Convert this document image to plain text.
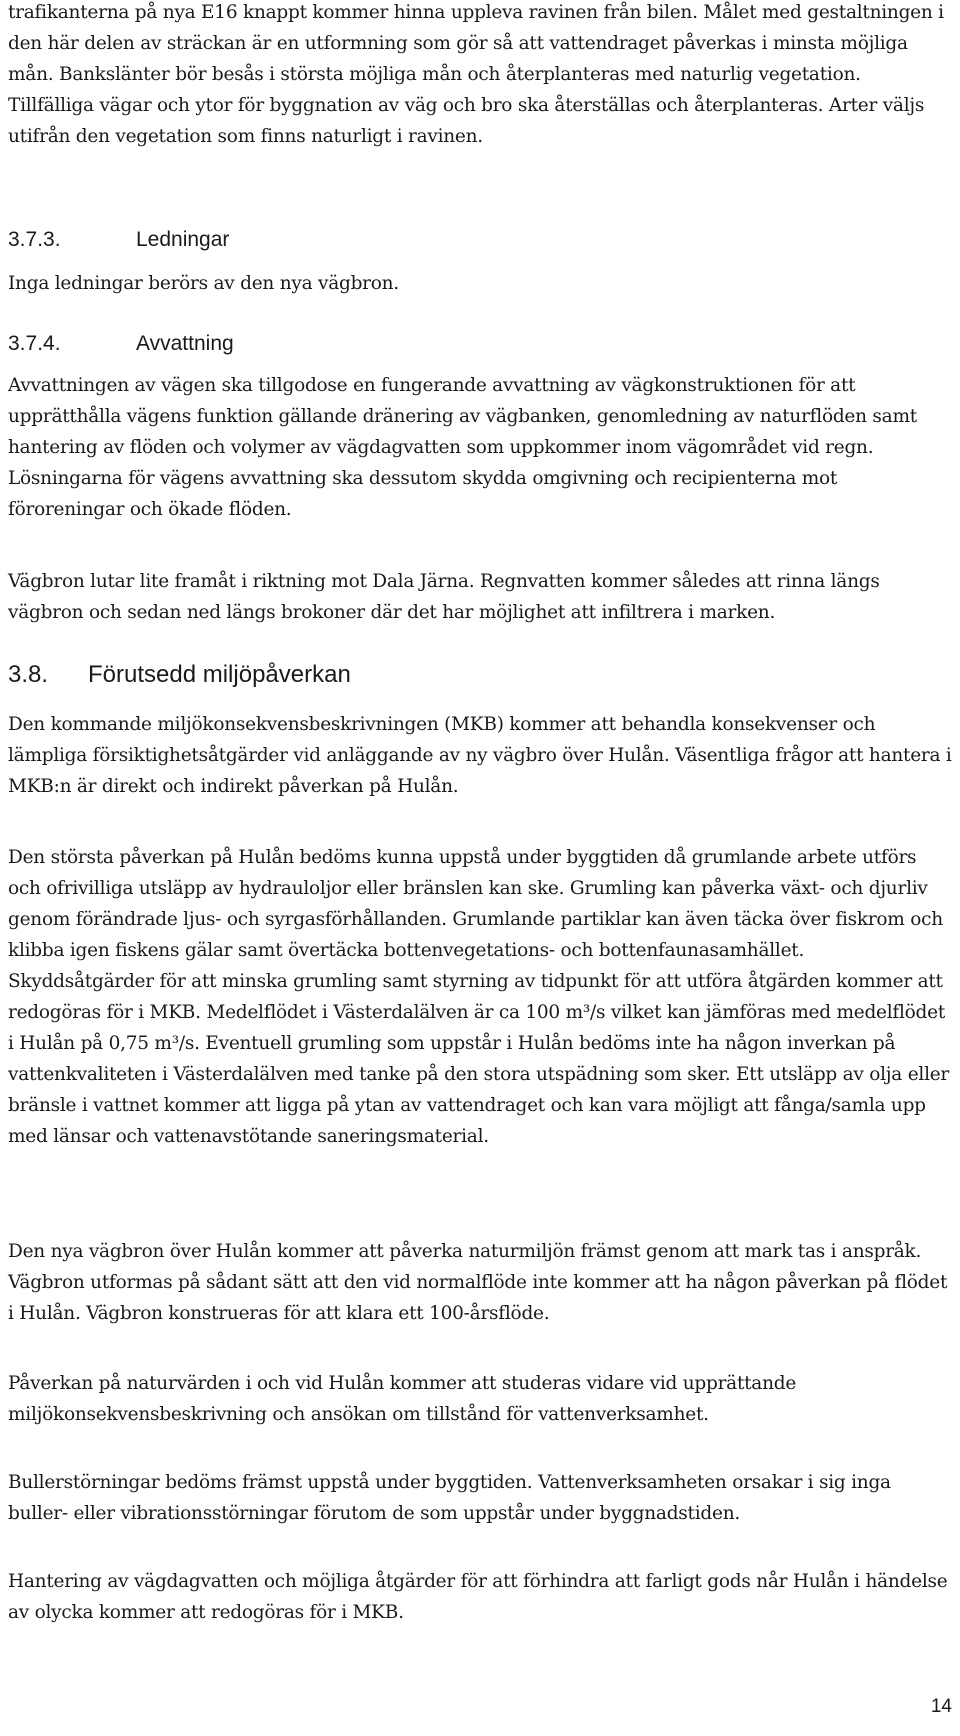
trafikanterna på nya E16 knappt kommer hinna uppleva ravinen från bilen. Målet med gestaltningen i den här delen av sträckan är en utformning som gör så att vattendraget påverkas i minsta möjliga mån. Bankslänter bör besås i största möjliga mån och återplanteras med naturlig vegetation. Tillfälliga vägar och ytor för byggnation av väg och bro ska återställas och återplanteras. Arter väljs utifrån den vegetation som finns naturligt i ravinen.

3.7.3.	Ledningar

Inga ledningar berörs av den nya vägbron.

3.7.4.	Avvattning

Avvattningen av vägen ska tillgodose en fungerande avvattning av vägkonstruktionen för att upprätthålla vägens funktion gällande dränering av vägbanken, genomledning av naturflöden samt hantering av flöden och volymer av vägdagvatten som uppkommer inom vägområdet vid regn. Lösningarna för vägens avvattning ska dessutom skydda omgivning och recipienterna mot föroreningar och ökade flöden.

Vägbron lutar lite framåt i riktning mot Dala Järna. Regnvatten kommer således att rinna längs vägbron och sedan ned längs brokoner där det har möjlighet att infiltrera i marken.

3.8.	Förutsedd miljöpåverkan

Den kommande miljökonsekvensbeskrivningen (MKB) kommer att behandla konsekvenser och lämpliga försiktighetsåtgärder vid anläggande av ny vägbro över Hulån. Väsentliga frågor att hantera i MKB:n är direkt och indirekt påverkan på Hulån.

Den största påverkan på Hulån bedöms kunna uppstå under byggtiden då grumlande arbete utförs och ofrivilliga utsläpp av hydrauloljor eller bränslen kan ske. Grumling kan påverka växt- och djurliv genom förändrade ljus- och syrgasförhållanden. Grumlande partiklar kan även täcka över fiskrom och klibba igen fiskens gälar samt övertäcka bottenvegetations- och bottenfaunasamhället. Skyddsåtgärder för att minska grumling samt styrning av tidpunkt för att utföra åtgärden kommer att redogöras för i MKB. Medelflödet i Västerdalälven är ca 100 m³/s vilket kan jämföras med medelflödet i Hulån på 0,75 m³/s. Eventuell grumling som uppstår i Hulån bedöms inte ha någon inverkan på vattenkvaliteten i Västerdalälven med tanke på den stora utspädning som sker. Ett utsläpp av olja eller bränsle i vattnet kommer att ligga på ytan av vattendraget och kan vara möjligt att fånga/samla upp med länsar och vattenavstötande saneringsmaterial.

Den nya vägbron över Hulån kommer att påverka naturmiljön främst genom att mark tas i anspråk. Vägbron utformas på sådant sätt att den vid normalflöde inte kommer att ha någon påverkan på flödet i Hulån. Vägbron konstrueras för att klara ett 100-årsflöde.

Påverkan på naturvärden i och vid Hulån kommer att studeras vidare vid upprättande miljökonsekvensbeskrivning och ansökan om tillstånd för vattenverksamhet.

Bullerstörningar bedöms främst uppstå under byggtiden. Vattenverksamheten orsakar i sig inga buller- eller vibrationsstörningar förutom de som uppstår under byggnadstiden.

Hantering av vägdagvatten och möjliga åtgärder för att förhindra att farligt gods når Hulån i händelse av olycka kommer att redogöras för i MKB.

14
